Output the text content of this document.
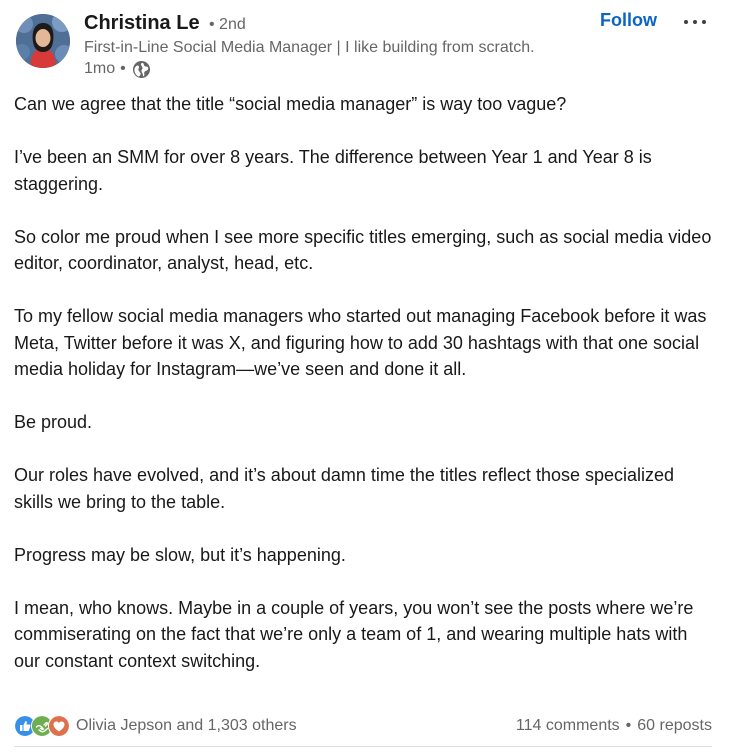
Christina Le • 2nd
First-in-Line Social Media Manager | I like building from scratch.
1mo •
Follow

Can we agree that the title “social media manager” is way too vague?

I’ve been an SMM for over 8 years. The difference between Year 1 and Year 8 is staggering.

So color me proud when I see more specific titles emerging, such as social media video editor, coordinator, analyst, head, etc.

To my fellow social media managers who started out managing Facebook before it was Meta, Twitter before it was X, and figuring how to add 30 hashtags with that one social media holiday for Instagram—we’ve seen and done it all.

Be proud.

Our roles have evolved, and it’s about damn time the titles reflect those specialized skills we bring to the table.

Progress may be slow, but it’s happening.

I mean, who knows. Maybe in a couple of years, you won’t see the posts where we’re commiserating on the fact that we’re only a team of 1, and wearing multiple hats with our constant context switching.

Olivia Jepson and 1,303 others	114 comments • 60 reposts
